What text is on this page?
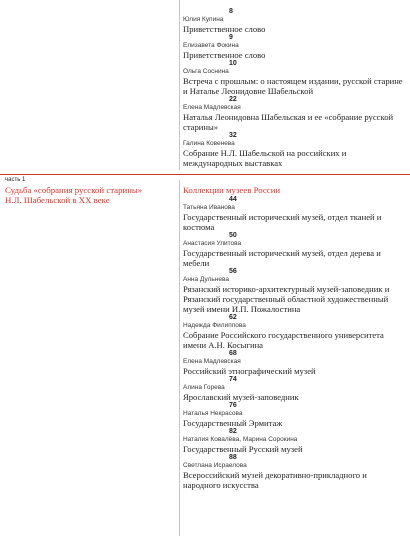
8
Юлия Купина
Приветственное слово
9
Елизавета Фокина
Приветственное слово
10
Ольга Соснина
Встреча с прошлым: о настоящем издании, русской старине и Наталье Леонидовне Шабельской
22
Елена Мадлевская
Наталья Леонидовна Шабельская и ее «собрание русской старины»
32
Галина Ковенева
Собрание Н.Л. Шабельской на российских и международных выставках
часть 1
Судьба «собрания русской старины» Н.Л. Шабельской в XX веке
Коллекции музеев России
44
Татьяна Иванова
Государственный исторический музей, отдел тканей и костюма
50
Анастасия Улитова
Государственный исторический музей, отдел дерева и мебели
56
Анна Дульнева
Рязанский историко-архитектурный музей-заповедник и Рязанский государственный областной художественный музей имени И.П. Пожалостина
62
Надежда Филиппова
Собрание Российского государственного университета имени А.Н. Косыгина
68
Елена Мадлевская
Российский этнографический музей
74
Алина Горева
Ярославский музей-заповедник
76
Наталья Некрасова
Государственный Эрмитаж
82
Наталия Ковалёва, Марина Сорокина
Государственный Русский музей
88
Светлана Исраелова
Всероссийский музей декоративно-прикладного и народного искусства
